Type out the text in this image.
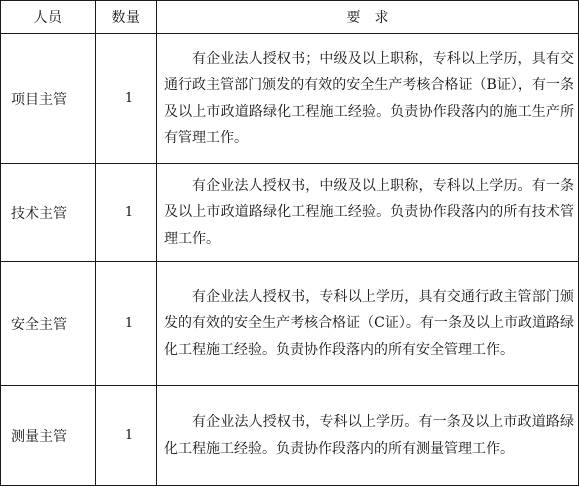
人员	数量	要求
项目主管	1	有企业法人授权书；中级及以上职称，专科以上学历，具有交通行政主管部门颁发的有效的安全生产考核合格证（B证），有一条及以上市政道路绿化工程施工经验。负责协作段落内的施工生产所有管理工作。
技术主管	1	有企业法人授权书，中级及以上职称，专科以上学历。有一条及以上市政道路绿化工程施工经验。负责协作段落内的所有技术管理工作。
安全主管	1	有企业法人授权书，专科以上学历，具有交通行政主管部门颁发的有效的安全生产考核合格证（C证）。有一条及以上市政道路绿化工程施工经验。负责协作段落内的所有安全管理工作。
测量主管	1	有企业法人授权书，专科以上学历。有一条及以上市政道路绿化工程施工经验。负责协作段落内的所有测量管理工作。
